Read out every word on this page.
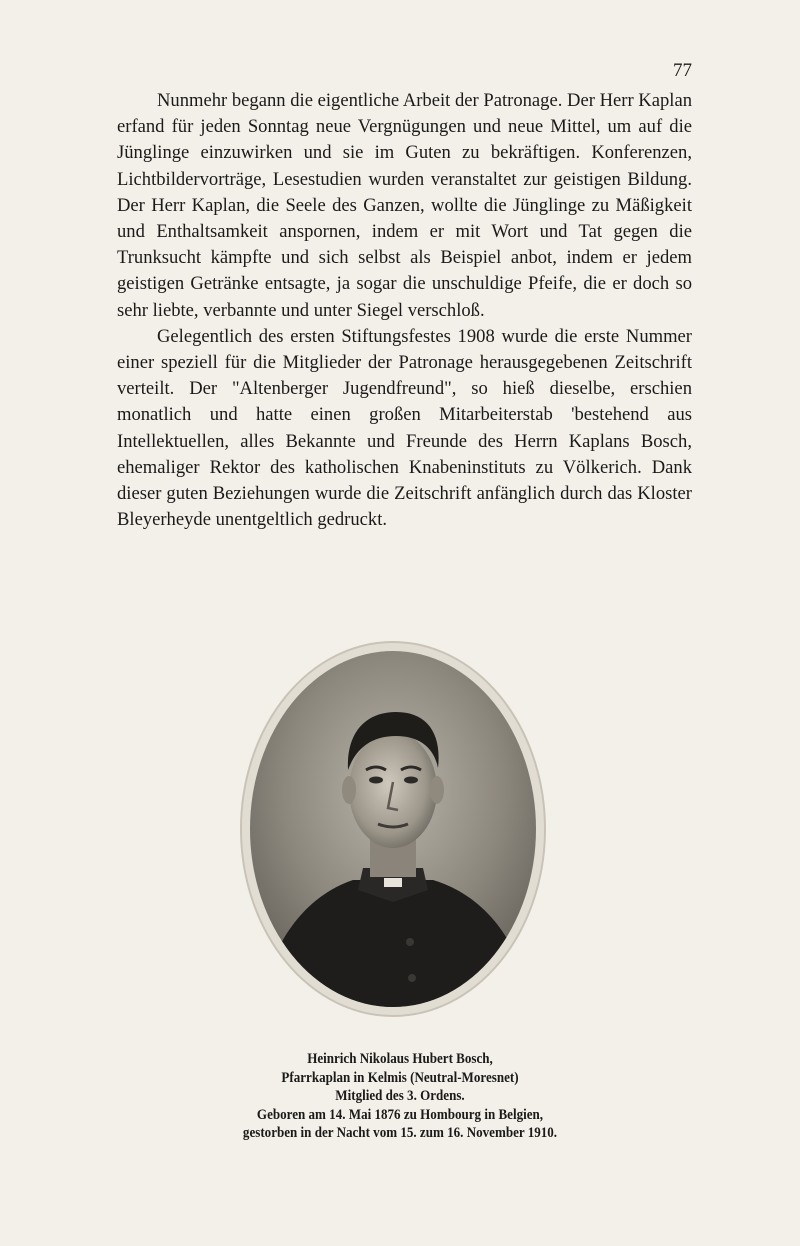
77

Nunmehr begann die eigentliche Arbeit der Patronage. Der Herr Kaplan erfand für jeden Sonntag neue Vergnügungen und neue Mittel, um auf die Jünglinge einzuwirken und sie im Guten zu bekräftigen. Konferenzen, Lichtbildervorträge, Lesestudien wurden veranstaltet zur geistigen Bildung. Der Herr Kaplan, die Seele des Ganzen, wollte die Jünglinge zu Mäßigkeit und Enthaltsamkeit anspornen, indem er mit Wort und Tat gegen die Trunksucht kämpfte und sich selbst als Beispiel anbot, indem er jedem geistigen Getränke entsagte, ja sogar die unschuldige Pfeife, die er doch so sehr liebte, verbannte und unter Siegel verschloß.

Gelegentlich des ersten Stiftungsfestes 1908 wurde die erste Nummer einer speziell für die Mitglieder der Patronage herausgegebenen Zeitschrift verteilt. Der "Altenberger Jugendfreund", so hieß dieselbe, erschien monatlich und hatte einen großen Mitarbeiterstab 'bestehend aus Intellektuellen, alles Bekannte und Freunde des Herrn Kaplans Bosch, ehemaliger Rektor des katholischen Knabeninstituts zu Völkerich. Dank dieser guten Beziehungen wurde die Zeitschrift anfänglich durch das Kloster Bleyerheyde unentgeltlich gedruckt.

Heinrich Nikolaus Hubert Bosch,
Pfarrkaplan in Kelmis (Neutral-Moresnet)
Mitglied des 3. Ordens.
Geboren am 14. Mai 1876 zu Hombourg in Belgien,
gestorben in der Nacht vom 15. zum 16. November 1910.
